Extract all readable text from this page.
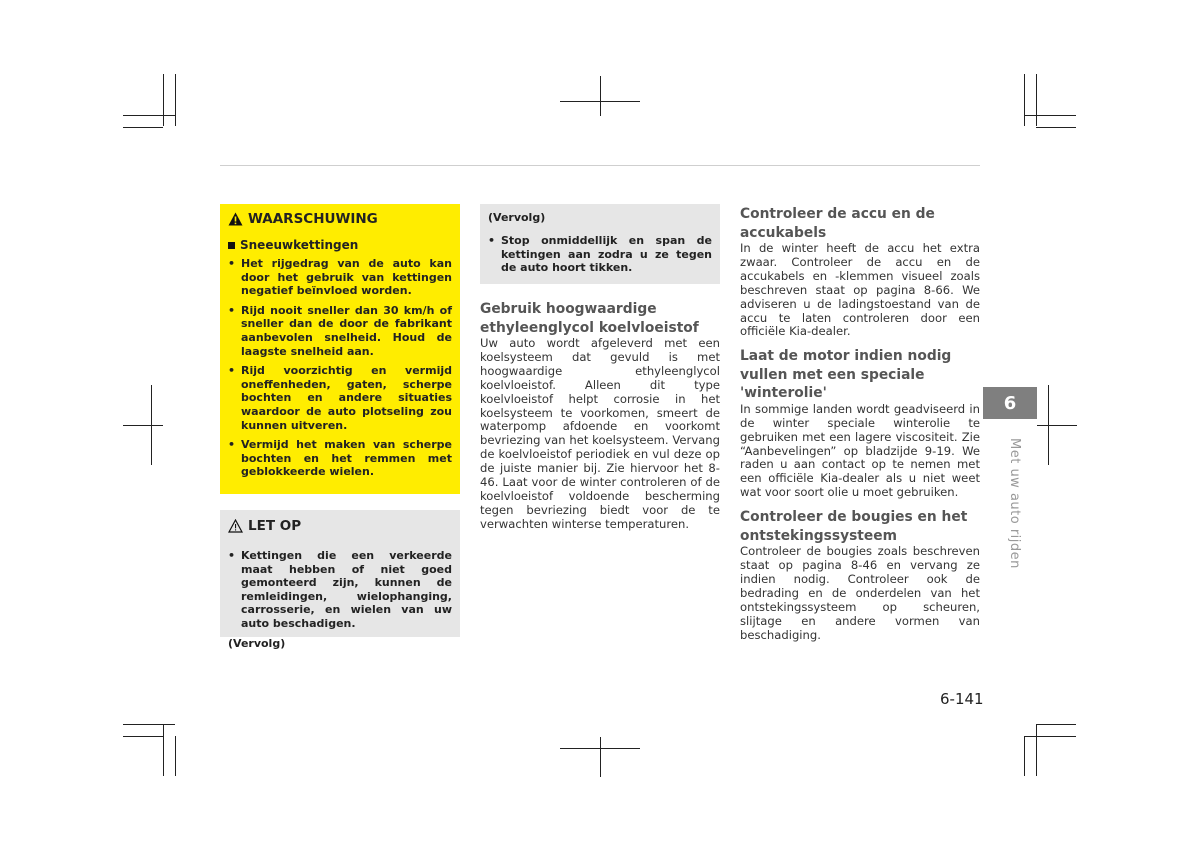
WAARSCHUWING
Sneeuwkettingen
• Het rijgedrag van de auto kan door het gebruik van kettingen negatief beïnvloed worden.
• Rijd nooit sneller dan 30 km/h of sneller dan de door de fabrikant aanbevolen snelheid. Houd de laagste snelheid aan.
• Rijd voorzichtig en vermijd oneffenheden, gaten, scherpe bochten en andere situaties waardoor de auto plotseling zou kunnen uitveren.
• Vermijd het maken van scherpe bochten en het remmen met geblokkeerde wielen.
LET OP
• Kettingen die een verkeerde maat hebben of niet goed gemonteerd zijn, kunnen de remleidingen, wielophanging, carrosserie, en wielen van uw auto beschadigen.
(Vervolg)
(Vervolg)
• Stop onmiddellijk en span de kettingen aan zodra u ze tegen de auto hoort tikken.
Gebruik hoogwaardige ethyleenglycol koelvloeistof

Uw auto wordt afgeleverd met een koelsysteem dat gevuld is met hoogwaardige ethyleenglycol koelvloeistof. Alleen dit type koelvloeistof helpt corrosie in het koelsysteem te voorkomen, smeert de waterpomp afdoende en voorkomt bevriezing van het koelsysteem. Vervang de koelvloeistof periodiek en vul deze op de juiste manier bij. Zie hiervoor het 8-46. Laat voor de winter controleren of de koelvloeistof voldoende bescherming tegen bevriezing biedt voor de te verwachten winterse temperaturen.

Controleer de accu en de accukabels

In de winter heeft de accu het extra zwaar. Controleer de accu en de accukabels en -klemmen visueel zoals beschreven staat op pagina 8-66. We adviseren u de ladingstoestand van de accu te laten controleren door een officiële Kia-dealer.

Laat de motor indien nodig vullen met een speciale 'winterolie'

In sommige landen wordt geadviseerd in de winter speciale winterolie te gebruiken met een lagere viscositeit. Zie “Aanbevelingen” op bladzijde 9-19. We raden u aan contact op te nemen met een officiële Kia-dealer als u niet weet wat voor soort olie u moet gebruiken.

Controleer de bougies en het ontstekingssysteem

Controleer de bougies zoals beschreven staat op pagina 8-46 en vervang ze indien nodig. Controleer ook de bedrading en de onderdelen van het ontstekingssysteem op scheuren, slijtage en andere vormen van beschadiging.

6
Met uw auto rijden
6-141
